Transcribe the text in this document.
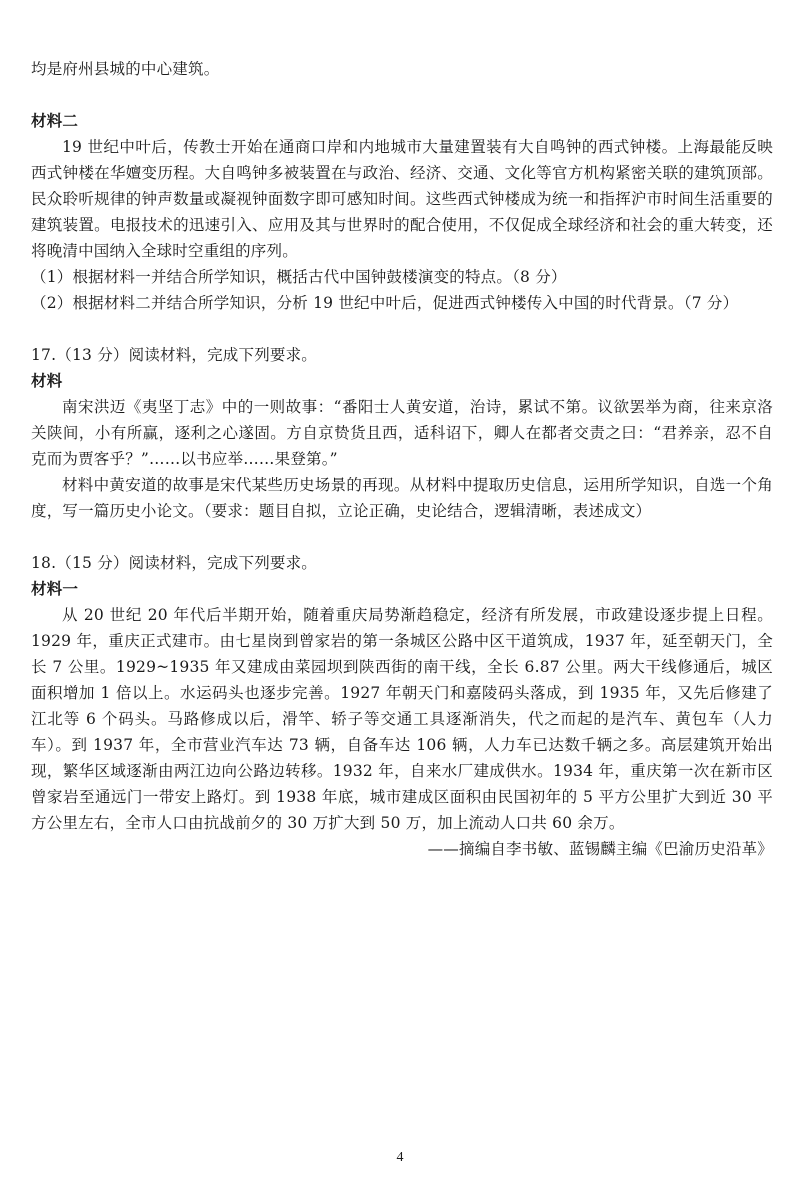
均是府州县城的中心建筑。

材料二

19 世纪中叶后，传教士开始在通商口岸和内地城市大量建置装有大自鸣钟的西式钟楼。上海最能反映西式钟楼在华嬗变历程。大自鸣钟多被装置在与政治、经济、交通、文化等官方机构紧密关联的建筑顶部。民众聆听规律的钟声数量或凝视钟面数字即可感知时间。这些西式钟楼成为统一和指挥沪市时间生活重要的建筑装置。电报技术的迅速引入、应用及其与世界时的配合使用，不仅促成全球经济和社会的重大转变，还将晚清中国纳入全球时空重组的序列。

（1）根据材料一并结合所学知识，概括古代中国钟鼓楼演变的特点。（8 分）

（2）根据材料二并结合所学知识，分析 19 世纪中叶后，促进西式钟楼传入中国的时代背景。（7 分）

17.（13 分）阅读材料，完成下列要求。

材料

南宋洪迈《夷坚丁志》中的一则故事：“番阳士人黄安道，治诗，累试不第。议欲罢举为商，往来京洛关陕间，小有所赢，逐利之心遂固。方自京贽货且西，适科诏下，卿人在都者交责之曰：“君养亲，忍不自克而为贾客乎？”……以书应举……果登第。”

材料中黄安道的故事是宋代某些历史场景的再现。从材料中提取历史信息，运用所学知识，自选一个角度，写一篇历史小论文。（要求：题目自拟，立论正确，史论结合，逻辑清晰，表述成文）

18.（15 分）阅读材料，完成下列要求。

材料一

从 20 世纪 20 年代后半期开始，随着重庆局势渐趋稳定，经济有所发展，市政建设逐步提上日程。1929 年，重庆正式建市。由七星岗到曾家岩的第一条城区公路中区干道筑成，1937 年，延至朝天门，全长 7 公里。1929~1935 年又建成由菜园坝到陕西街的南干线，全长 6.87 公里。两大干线修通后，城区面积增加 1 倍以上。水运码头也逐步完善。1927 年朝天门和嘉陵码头落成，到 1935 年，又先后修建了江北等 6 个码头。马路修成以后，滑竿、轿子等交通工具逐渐消失，代之而起的是汽车、黄包车（人力车）。到 1937 年，全市营业汽车达 73 辆，自备车达 106 辆，人力车已达数千辆之多。高层建筑开始出现，繁华区域逐渐由两江边向公路边转移。1932 年，自来水厂建成供水。1934 年，重庆第一次在新市区曾家岩至通远门一带安上路灯。到 1938 年底，城市建成区面积由民国初年的 5 平方公里扩大到近 30 平方公里左右，全市人口由抗战前夕的 30 万扩大到 50 万，加上流动人口共 60 余万。

——摘编自李书敏、蓝锡麟主编《巴渝历史沿革》

4
